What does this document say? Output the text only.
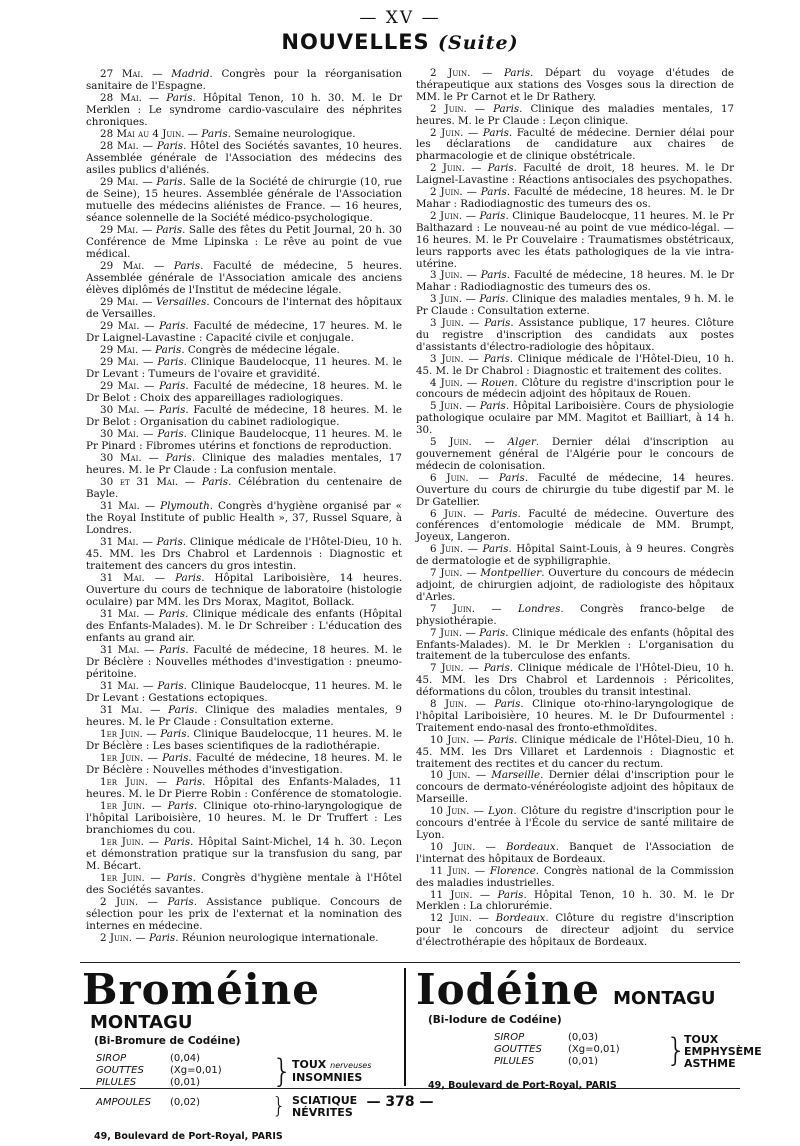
— XV —
NOUVELLES (Suite)

27 Mai. — Madrid. Congrès pour la réorganisation sanitaire de l'Espagne.

28 Mai. — Paris. Hôpital Tenon, 10 h. 30. M. le Dr Merklen : Le syndrome cardio-vasculaire des néphrites chroniques.

28 Mai au 4 Juin. — Paris. Semaine neurologique.

28 Mai. — Paris. Hôtel des Sociétés savantes, 10 heures. Assemblée générale de l'Association des médecins des asiles publics d'aliénés.

29 Mai. — Paris. Salle de la Société de chirurgie (10, rue de Seine), 15 heures. Assemblée générale de l'Association mutuelle des médecins aliénistes de France. — 16 heures, séance solennelle de la Société médico-psychologique.

29 Mai. — Paris. Salle des fêtes du Petit Journal, 20 h. 30 Conférence de Mme Lipinska : Le rêve au point de vue médical.

29 Mai. — Paris. Faculté de médecine, 5 heures. Assemblée générale de l'Association amicale des anciens élèves diplômés de l'Institut de médecine légale.

29 Mai. — Versailles. Concours de l'internat des hôpitaux de Versailles.

29 Mai. — Paris. Faculté de médecine, 17 heures. M. le Dr Laignel-Lavastine : Capacité civile et conjugale.

29 Mai. — Paris. Congrès de médecine légale.

29 Mai. — Paris. Clinique Baudelocque, 11 heures. M. le Dr Levant : Tumeurs de l'ovaire et gravidité.

29 Mai. — Paris. Faculté de médecine, 18 heures. M. le Dr Belot : Choix des appareillages radiologiques.

30 Mai. — Paris. Faculté de médecine, 18 heures. M. le Dr Belot : Organisation du cabinet radiologique.

30 Mai. — Paris. Clinique Baudelocque, 11 heures. M. le Pr Pinard : Fibromes utérins et fonctions de reproduction.

30 Mai. — Paris. Clinique des maladies mentales, 17 heures. M. le Pr Claude : La confusion mentale.

30 et 31 Mai. — Paris. Célébration du centenaire de Bayle.

31 Mai. — Plymouth. Congrès d'hygiène organisé par « the Royal Institute of public Health », 37, Russel Square, à Londres.

31 Mai. — Paris. Clinique médicale de l'Hôtel-Dieu, 10 h. 45. MM. les Drs Chabrol et Lardennois : Diagnostic et traitement des cancers du gros intestin.

31 Mai. — Paris. Hôpital Lariboisière, 14 heures. Ouverture du cours de technique de laboratoire (histologie oculaire) par MM. les Drs Morax, Magitot, Bollack.

31 Mai. — Paris. Clinique médicale des enfants (Hôpital des Enfants-Malades). M. le Dr Schreiber : L'éducation des enfants au grand air.

31 Mai. — Paris. Faculté de médecine, 18 heures. M. le Dr Béclère : Nouvelles méthodes d'investigation : pneumo-péritoine.

31 Mai. — Paris. Clinique Baudelocque, 11 heures. M. le Dr Levant : Gestations ectopiques.

31 Mai. — Paris. Clinique des maladies mentales, 9 heures. M. le Pr Claude : Consultation externe.

1er Juin. — Paris. Clinique Baudelocque, 11 heures. M. le Dr Béclère : Les bases scientifiques de la radiothérapie.

1er Juin. — Paris. Faculté de médecine, 18 heures. M. le Dr Béclère : Nouvelles méthodes d'investigation.

1er Juin. — Paris. Hôpital des Enfants-Malades, 11 heures. M. le Dr Pierre Robin : Conférence de stomatologie.

1er Juin. — Paris. Clinique oto-rhino-laryngologique de l'hôpital Lariboisière, 10 heures. M. le Dr Truffert : Les branchiomes du cou.

1er Juin. — Paris. Hôpital Saint-Michel, 14 h. 30. Leçon et démonstration pratique sur la transfusion du sang, par M. Bécart.

1er Juin. — Paris. Congrès d'hygiène mentale à l'Hôtel des Sociétés savantes.

2 Juin. — Paris. Assistance publique. Concours de sélection pour les prix de l'externat et la nomination des internes en médecine.

2 Juin. — Paris. Réunion neurologique internationale.

2 Juin. — Paris. Départ du voyage d'études de thérapeutique aux stations des Vosges sous la direction de MM. le Pr Carnot et le Dr Rathery.

2 Juin. — Paris. Clinique des maladies mentales, 17 heures. M. le Pr Claude : Leçon clinique.

2 Juin. — Paris. Faculté de médecine. Dernier délai pour les déclarations de candidature aux chaires de pharmacologie et de clinique obstétricale.

2 Juin. — Paris. Faculté de droit, 18 heures. M. le Dr Laignel-Lavastine : Réactions antisociales des psychopathes.

2 Juin. — Paris. Faculté de médecine, 18 heures. M. le Dr Mahar : Radiodiagnostic des tumeurs des os.

2 Juin. — Paris. Clinique Baudelocque, 11 heures. M. le Pr Balthazard : Le nouveau-né au point de vue médico-légal. — 16 heures. M. le Pr Couvelaire : Traumatismes obstétricaux, leurs rapports avec les états pathologiques de la vie intra-utérine.

3 Juin. — Paris. Faculté de médecine, 18 heures. M. le Dr Mahar : Radiodiagnostic des tumeurs des os.

3 Juin. — Paris. Clinique des maladies mentales, 9 h. M. le Pr Claude : Consultation externe.

3 Juin. — Paris. Assistance publique, 17 heures. Clôture du registre d'inscription des candidats aux postes d'assistants d'électro-radiologie des hôpitaux.

3 Juin. — Paris. Clinique médicale de l'Hôtel-Dieu, 10 h. 45. M. le Dr Chabrol : Diagnostic et traitement des colites.

4 Juin. — Rouen. Clôture du registre d'inscription pour le concours de médecin adjoint des hôpitaux de Rouen.

5 Juin. — Paris. Hôpital Lariboisière. Cours de physiologie pathologique oculaire par MM. Magitot et Bailliart, à 14 h. 30.

5 Juin. — Alger. Dernier délai d'inscription au gouvernement général de l'Algérie pour le concours de médecin de colonisation.

6 Juin. — Paris. Faculté de médecine, 14 heures. Ouverture du cours de chirurgie du tube digestif par M. le Dr Gatellier.

6 Juin. — Paris. Faculté de médecine. Ouverture des conférences d'entomologie médicale de MM. Brumpt, Joyeux, Langeron.

6 Juin. — Paris. Hôpital Saint-Louis, à 9 heures. Congrès de dermatologie et de syphiligraphie.

7 Juin. — Montpellier. Ouverture du concours de médecin adjoint, de chirurgien adjoint, de radiologiste des hôpitaux d'Arles.

7 Juin. — Londres. Congrès franco-belge de physiothérapie.

7 Juin. — Paris. Clinique médicale des enfants (hôpital des Enfants-Malades). M. le Dr Merklen : L'organisation du traitement de la tuberculose des enfants.

7 Juin. — Paris. Clinique médicale de l'Hôtel-Dieu, 10 h. 45. MM. les Drs Chabrol et Lardennois : Péricolites, déformations du côlon, troubles du transit intestinal.

8 Juin. — Paris. Clinique oto-rhino-laryngologique de l'hôpital Lariboisière, 10 heures. M. le Dr Dufourmentel : Traitement endo-nasal des fronto-ethmoïdites.

10 Juin. — Paris. Clinique médicale de l'Hôtel-Dieu, 10 h. 45. MM. les Drs Villaret et Lardennois : Diagnostic et traitement des rectites et du cancer du rectum.

10 Juin. — Marseille. Dernier délai d'inscription pour le concours de dermato-vénéréologiste adjoint des hôpitaux de Marseille.

10 Juin. — Lyon. Clôture du registre d'inscription pour le concours d'entrée à l'École du service de santé militaire de Lyon.

10 Juin. — Bordeaux. Banquet de l'Association de l'internat des hôpitaux de Bordeaux.

11 Juin. — Florence. Congrès national de la Commission des maladies industrielles.

11 Juin. — Paris. Hôpital Tenon, 10 h. 30. M. le Dr Merklen : La chlorurémie.

12 Juin. — Bordeaux. Clôture du registre d'inscription pour le concours de directeur adjoint du service d'électrothérapie des hôpitaux de Bordeaux.

Broméine MONTAGU
(Bi-Bromure de Codéine)
SIROP	(0,04)
GOUTTES	(Xg=0,01)
PILULES	(0,01)
AMPOULES (0,02)
} TOUX nerveuses
INSOMNIES
} SCIATIQUE
NÉVRITES
49, Boulevard de Port-Royal, PARIS
Iodéine MONTAGU
(Bi-Iodure de Codéine)
SIROP	(0,03)
GOUTTES	(Xg=0,01)
PILULES	(0,01)	}
TOUX
EMPHYSÈME
ASTHME
49, Boulevard de Port-Royal, PARIS
— 378 —
